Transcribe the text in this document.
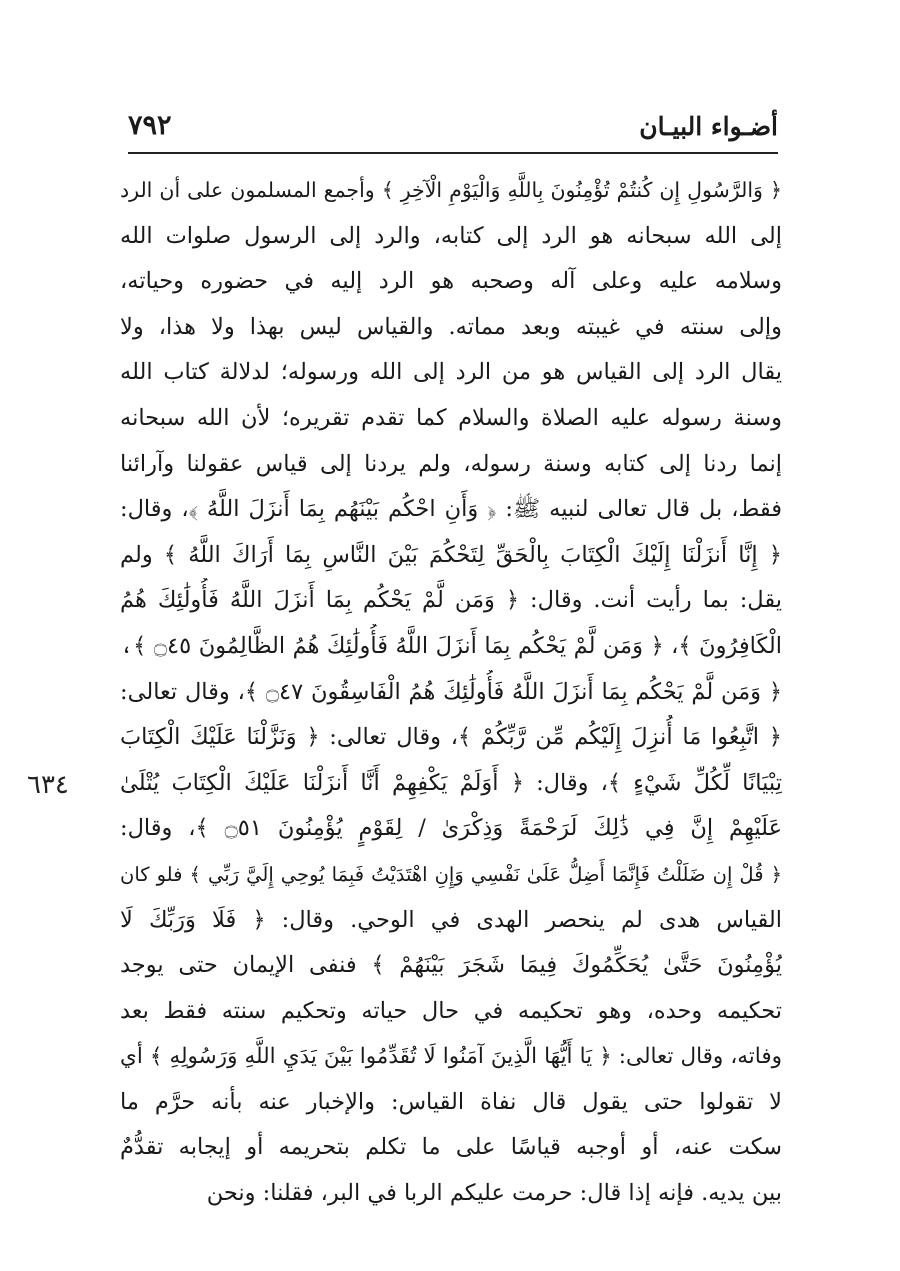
٧٩٢	أضـواء البيـان
٦٣٤
﴿ وَالرَّسُولِ إِن كُنتُمْ تُؤْمِنُونَ بِاللَّهِ وَالْيَوْمِ الْآخِرِ ﴾ وأجمع المسلمون على أن الرد
إلى الله سبحانه هو الرد إلى كتابه، والرد إلى الرسول صلوات الله
وسلامه عليه وعلى آله وصحبه هو الرد إليه في حضوره وحياته،
وإلى سنته في غيبته وبعد مماته. والقياس ليس بهذا ولا هذا، ولا
يقال الرد إلى القياس هو من الرد إلى الله ورسوله؛ لدلالة كتاب الله
وسنة رسوله عليه الصلاة والسلام كما تقدم تقريره؛ لأن الله سبحانه
إنما ردنا إلى كتابه وسنة رسوله، ولم يردنا إلى قياس عقولنا وآرائنا
فقط، بل قال تعالى لنبيه ﷺ: ﴿ وَأَنِ احْكُم بَيْنَهُم بِمَا أَنزَلَ اللَّهُ ﴾، وقال:
﴿ إِنَّا أَنزَلْنَا إِلَيْكَ الْكِتَابَ بِالْحَقِّ لِتَحْكُمَ بَيْنَ النَّاسِ بِمَا أَرَاكَ اللَّهُ ﴾ ولم
يقل: بما رأيت أنت. وقال: ﴿ وَمَن لَّمْ يَحْكُم بِمَا أَنزَلَ اللَّهُ فَأُولَٰئِكَ هُمُ
الْكَافِرُونَ ﴾، ﴿ وَمَن لَّمْ يَحْكُم بِمَا أَنزَلَ اللَّهُ فَأُولَٰئِكَ هُمُ الظَّالِمُونَ ۝٤٥ ﴾،
﴿ وَمَن لَّمْ يَحْكُم بِمَا أَنزَلَ اللَّهُ فَأُولَٰئِكَ هُمُ الْفَاسِقُونَ ۝٤٧ ﴾، وقال تعالى:
﴿ اتَّبِعُوا مَا أُنزِلَ إِلَيْكُم مِّن رَّبِّكُمْ ﴾، وقال تعالى: ﴿ وَنَزَّلْنَا عَلَيْكَ الْكِتَابَ
تِبْيَانًا لِّكُلِّ شَيْءٍ ﴾، وقال: ﴿ أَوَلَمْ يَكْفِهِمْ أَنَّا أَنزَلْنَا عَلَيْكَ الْكِتَابَ يُتْلَىٰ
عَلَيْهِمْ إِنَّ فِي ذَٰلِكَ لَرَحْمَةً وَذِكْرَىٰ / لِقَوْمٍ يُؤْمِنُونَ ۝٥١ ﴾، وقال:
﴿ قُلْ إِن ضَلَلْتُ فَإِنَّمَا أَضِلُّ عَلَىٰ نَفْسِي وَإِنِ اهْتَدَيْتُ فَبِمَا يُوحِي إِلَيَّ رَبِّي ﴾ فلو كان
القياس هدى لم ينحصر الهدى في الوحي. وقال: ﴿ فَلَا وَرَبِّكَ لَا
يُؤْمِنُونَ حَتَّىٰ يُحَكِّمُوكَ فِيمَا شَجَرَ بَيْنَهُمْ ﴾ فنفى الإيمان حتى يوجد
تحكيمه وحده، وهو تحكيمه في حال حياته وتحكيم سنته فقط بعد
وفاته، وقال تعالى: ﴿ يَا أَيُّهَا الَّذِينَ آمَنُوا لَا تُقَدِّمُوا بَيْنَ يَدَيِ اللَّهِ وَرَسُولِهِ ﴾ أي
لا تقولوا حتى يقول قال نفاة القياس: والإخبار عنه بأنه حرَّم ما
سكت عنه، أو أوجبه قياسًا على ما تكلم بتحريمه أو إيجابه تقدُّمٌ
بين يديه. فإنه إذا قال: حرمت عليكم الربا في البر، فقلنا: ونحن
